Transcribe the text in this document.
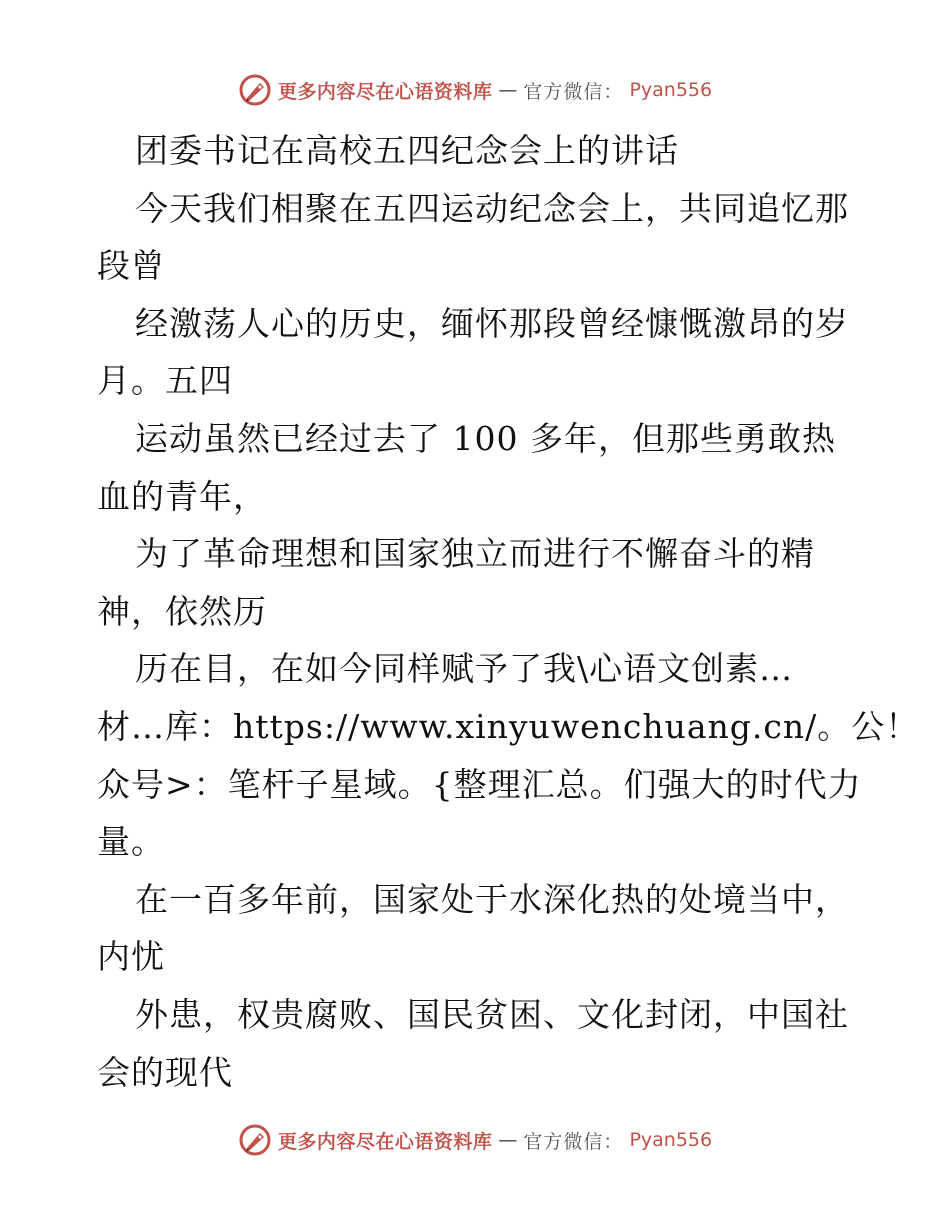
更多内容尽在心语资料库 — 官方微信： Pyan556
团委书记在高校五四纪念会上的讲话
今天我们相聚在五四运动纪念会上，共同追忆那
段曾
经激荡人心的历史，缅怀那段曾经慷慨激昂的岁
月。五四
运动虽然已经过去了 100 多年，但那些勇敢热
血的青年，
为了革命理想和国家独立而进行不懈奋斗的精
神，依然历
历在目，在如今同样赋予了我\心语文创素…
材…库：https://www.xinyuwenchuang.cn/。公！
众号>：笔杆子星域。{整理汇总。们强大的时代力
量。
在一百多年前，国家处于水深化热的处境当中，
内忧
外患，权贵腐败、国民贫困、文化封闭，中国社
会的现代
更多内容尽在心语资料库 — 官方微信： Pyan556
